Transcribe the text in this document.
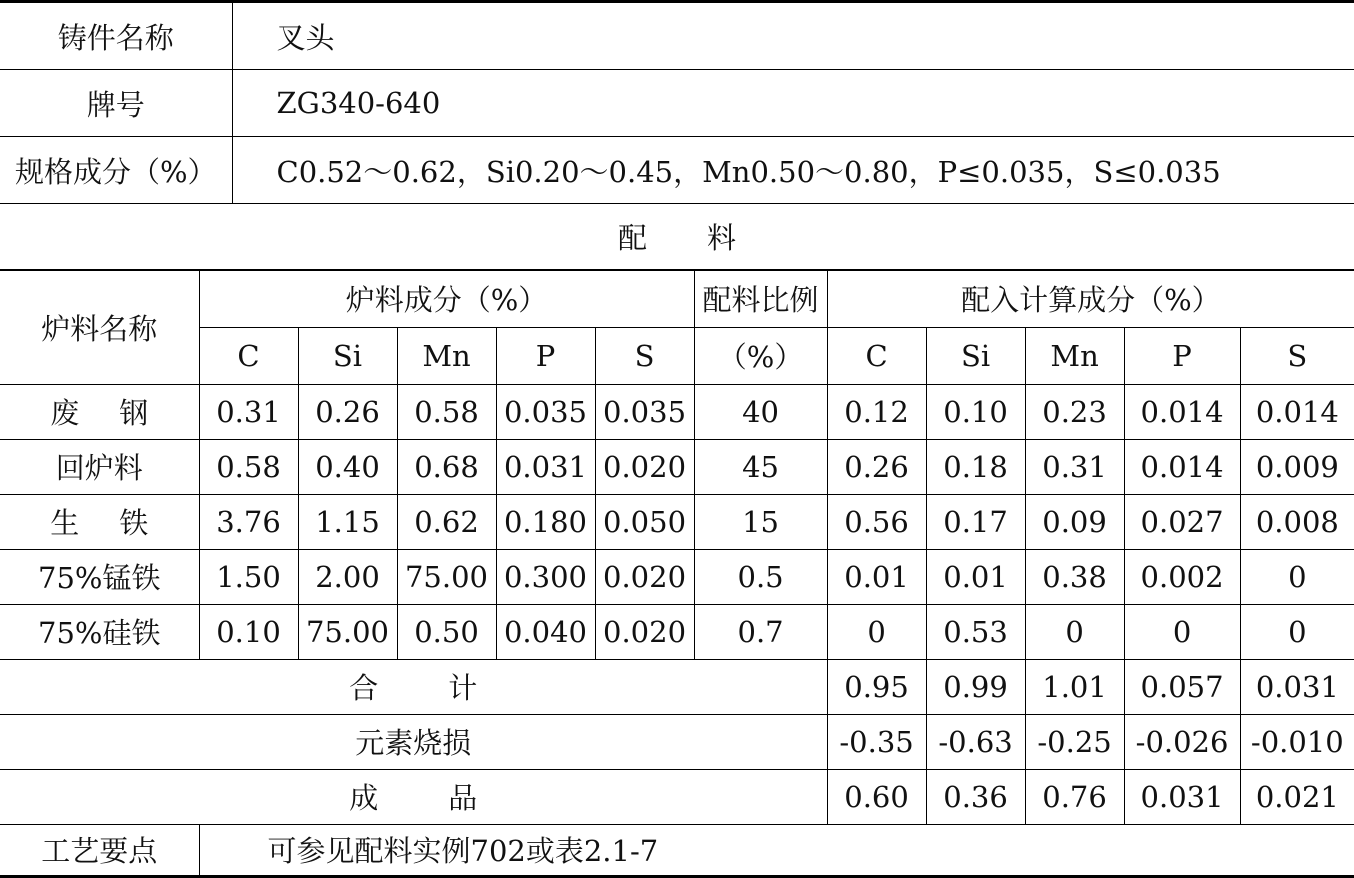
铸件名称	叉头
牌号	ZG340-640
规格成分（%）	C0.52～0.62，Si0.20～0.45，Mn0.50～0.80，P≤0.035，S≤0.035
配料
炉料名称	炉料成分（%）					配料比例	配入计算成分（%）				
	C	Si	Mn	P	S	（%）	C	Si	Mn	P	S
废钢	0.31	0.26	0.58	0.035	0.035	40	0.12	0.10	0.23	0.014	0.014
回炉料	0.58	0.40	0.68	0.031	0.020	45	0.26	0.18	0.31	0.014	0.009
生铁	3.76	1.15	0.62	0.180	0.050	15	0.56	0.17	0.09	0.027	0.008
75%锰铁	1.50	2.00	75.00	0.300	0.020	0.5	0.01	0.01	0.38	0.002	0
75%硅铁	0.10	75.00	0.50	0.040	0.020	0.7	0	0.53	0	0	0
合计							0.95	0.99	1.01	0.057	0.031
元素烧损							-0.35	-0.63	-0.25	-0.026	-0.010
成品							0.60	0.36	0.76	0.031	0.021
工艺要点	可参见配料实例702或表2.1-7
